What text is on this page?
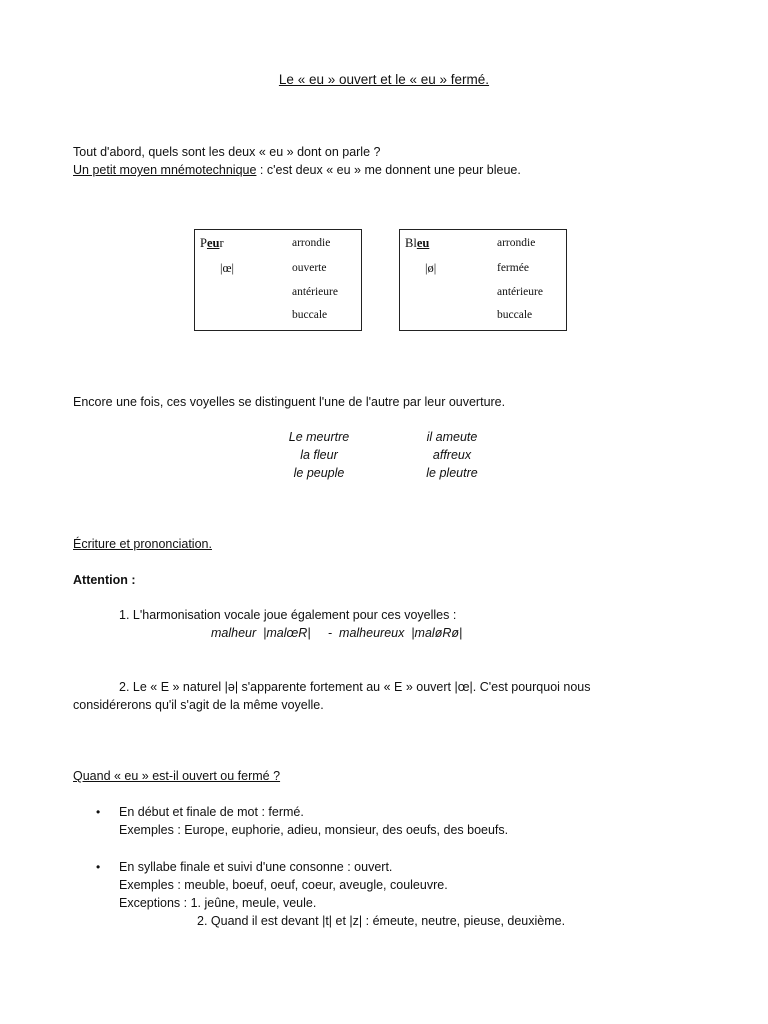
Le « eu » ouvert et le « eu » fermé.
Tout d'abord, quels sont les deux « eu » dont on parle ?
Un petit moyen mnémotechnique : c'est deux « eu » me donnent une peur bleue.
Peur
|œ|
arrondie
ouverte
antérieure
buccale
Bleu
|ø|
arrondie
fermée
antérieure
buccale
Encore une fois, ces voyelles se distinguent l'une de l'autre par leur ouverture.
Le meurtre
la fleur
le peuple
il ameute
affreux
le pleutre
Écriture et prononciation.
Attention :
1. L'harmonisation vocale joue également pour ces voyelles :
malheur  |malœR|     -  malheureux  |maløRø|
2. Le « E » naturel |ə| s'apparente fortement au « E » ouvert |œ|. C'est pourquoi nous
considérerons qu'il s'agit de la même voyelle.
Quand « eu » est-il ouvert ou fermé ?
• En début et finale de mot : fermé.
Exemples : Europe, euphorie, adieu, monsieur, des oeufs, des boeufs.
• En syllabe finale et suivi d'une consonne : ouvert.
Exemples : meuble, boeuf, oeuf, coeur, aveugle, couleuvre.
Exceptions : 1. jeûne, meule, veule.
2. Quand il est devant |t| et |z| : émeute, neutre, pieuse, deuxième.
